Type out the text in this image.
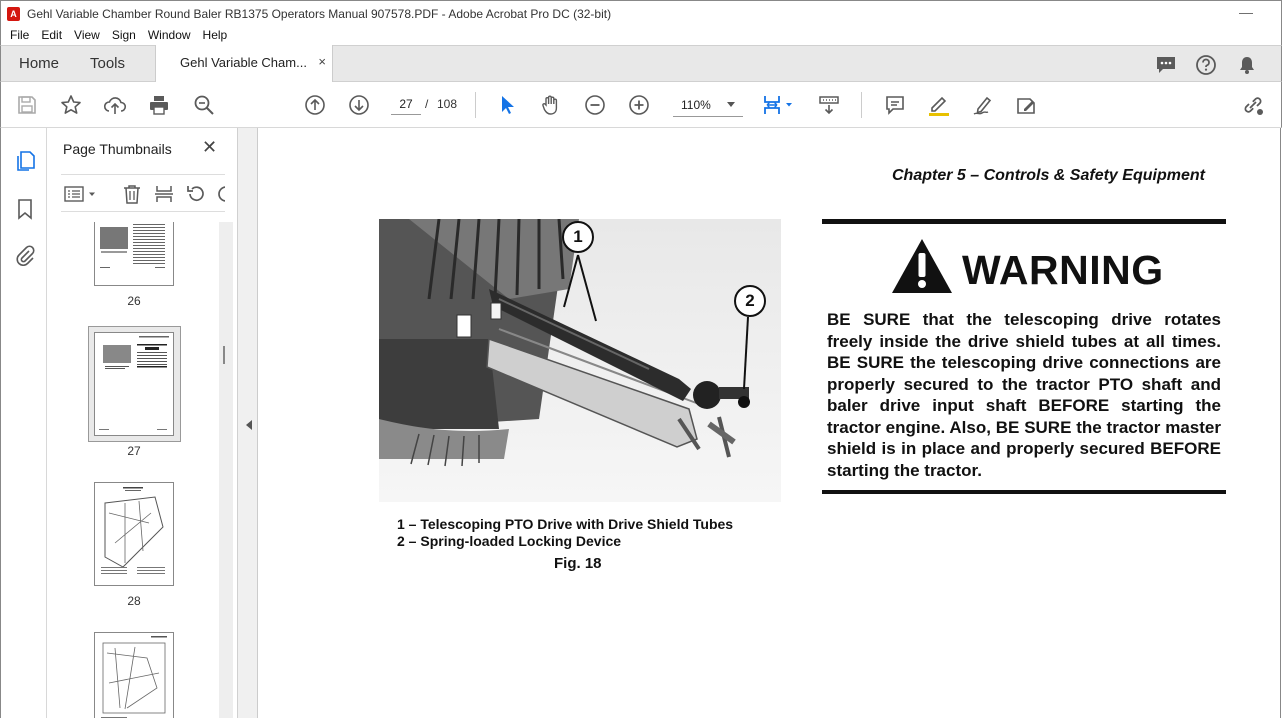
A Gehl Variable Chamber Round Baler RB1375 Operators Manual 907578.PDF - Adobe Acrobat Pro DC (32-bit)	—
File Edit View Sign Window Help
Home Tools	Gehl Variable Cham... ×
27
/ 108	110%
Page Thumbnails ✕
26
27
28
Chapter 5 – Controls & Safety Equipment
1
2
1 – Telescoping PTO Drive with Drive Shield Tubes
2 – Spring-loaded Locking Device
Fig. 18
WARNING

BE SURE that the telescoping drive rotates freely inside the drive shield tubes at all times. BE SURE the telescoping drive connections are properly secured to the tractor PTO shaft and baler drive input shaft BEFORE starting the tractor engine. Also, BE SURE the tractor master shield is in place and properly secured BEFORE starting the tractor.
